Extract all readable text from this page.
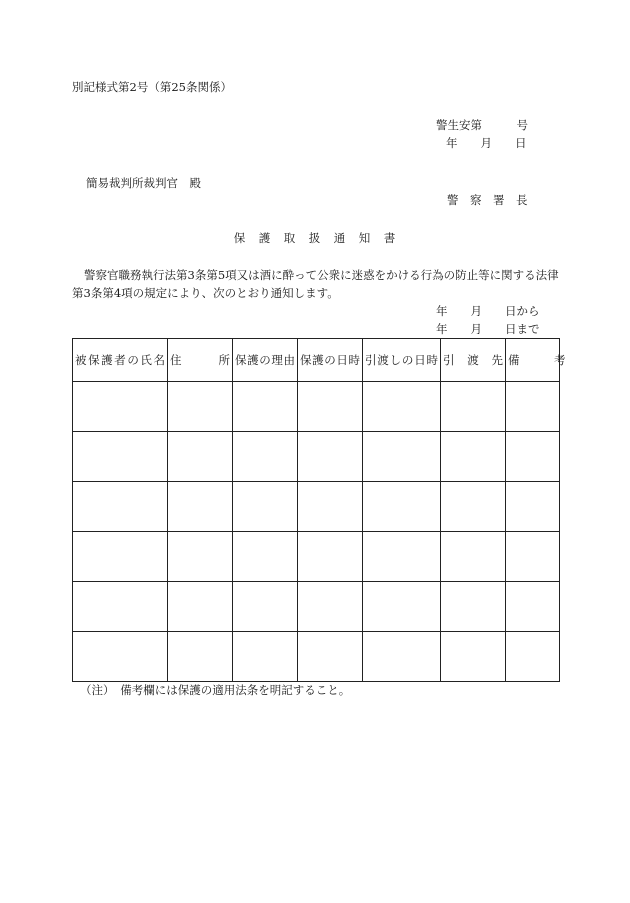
別記様式第2号（第25条関係）
警生安第　　　号
年　　月　　日
簡易裁判所裁判官　殿
警　察　署　長
保　護　取　扱　通　知　書
警察官職務執行法第3条第5項又は酒に酔って公衆に迷惑をかける行為の防止等に関する法律第3条第4項の規定により、次のとおり通知します。
年　　月　　日から
年　　月　　日まで
被保護者の氏名	住　　　所	保護の理由	保護の日時	引渡しの日時	引　渡　先	備　　　考

（注）　備考欄には保護の適用法条を明記すること。
